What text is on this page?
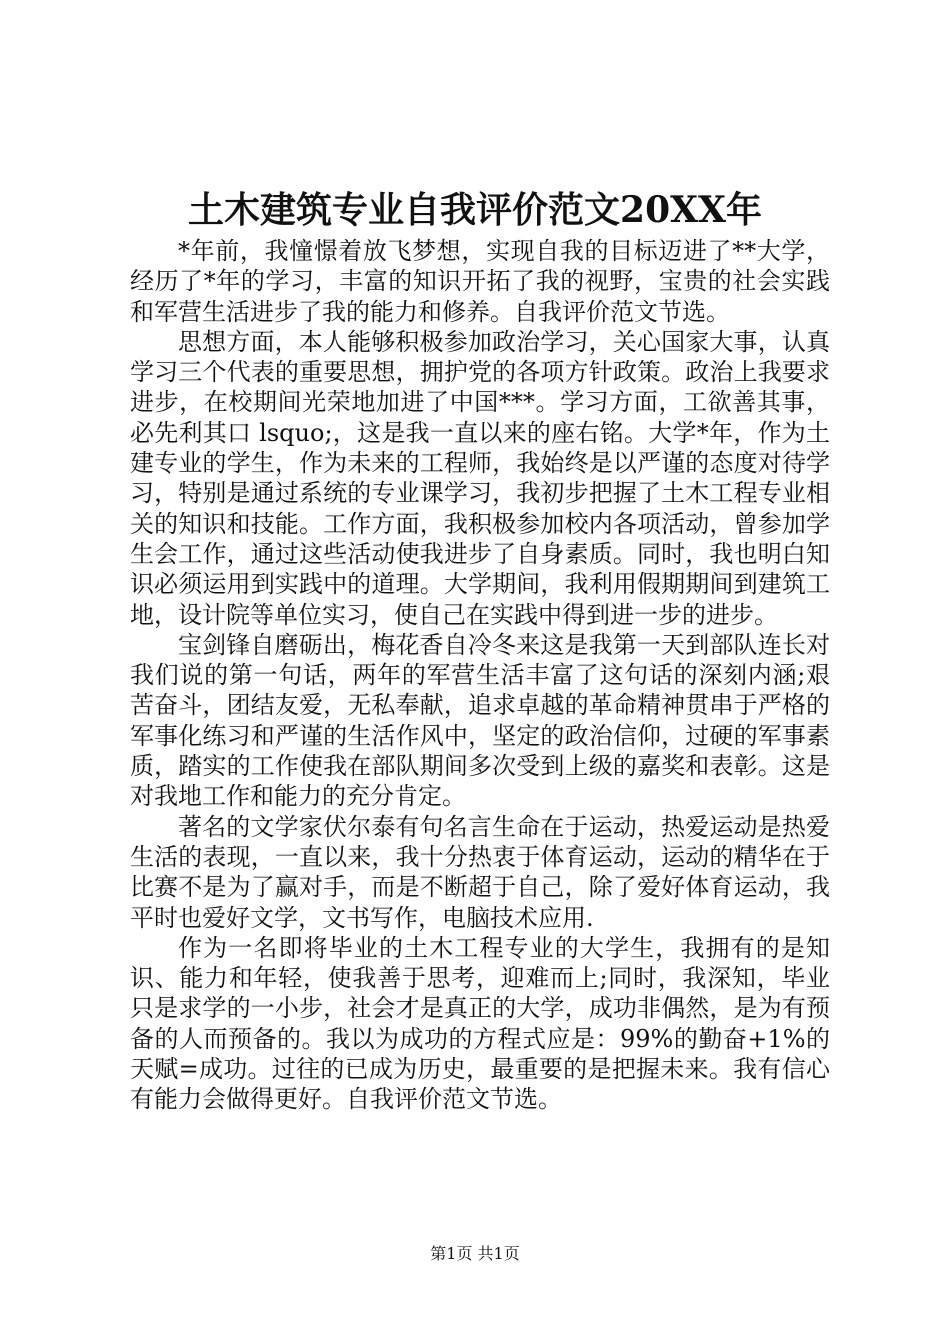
土木建筑专业自我评价范文20XX年

*年前，我憧憬着放飞梦想，实现自我的目标迈进了**大学，经历了*年的学习，丰富的知识开拓了我的视野，宝贵的社会实践和军营生活进步了我的能力和修养。自我评价范文节选。

思想方面，本人能够积极参加政治学习，关心国家大事，认真学习三个代表的重要思想，拥护党的各项方针政策。政治上我要求进步，在校期间光荣地加进了中国***。学习方面，工欲善其事，必先利其口 lsquo;，这是我一直以来的座右铭。大学*年，作为土建专业的学生，作为未来的工程师，我始终是以严谨的态度对待学习，特别是通过系统的专业课学习，我初步把握了土木工程专业相关的知识和技能。工作方面，我积极参加校内各项活动，曾参加学生会工作，通过这些活动使我进步了自身素质。同时，我也明白知识必须运用到实践中的道理。大学期间，我利用假期期间到建筑工地，设计院等单位实习，使自己在实践中得到进一步的进步。

宝剑锋自磨砺出，梅花香自冷冬来这是我第一天到部队连长对我们说的第一句话，两年的军营生活丰富了这句话的深刻内涵;艰苦奋斗，团结友爱，无私奉献，追求卓越的革命精神贯串于严格的军事化练习和严谨的生活作风中，坚定的政治信仰，过硬的军事素质，踏实的工作使我在部队期间多次受到上级的嘉奖和表彰。这是对我地工作和能力的充分肯定。

著名的文学家伏尔泰有句名言生命在于运动，热爱运动是热爱生活的表现，一直以来，我十分热衷于体育运动，运动的精华在于比赛不是为了赢对手，而是不断超于自己，除了爱好体育运动，我平时也爱好文学，文书写作，电脑技术应用.

作为一名即将毕业的土木工程专业的大学生，我拥有的是知识、能力和年轻，使我善于思考，迎难而上;同时，我深知，毕业只是求学的一小步，社会才是真正的大学，成功非偶然，是为有预备的人而预备的。我以为成功的方程式应是：99%的勤奋+1%的天赋=成功。过往的已成为历史，最重要的是把握未来。我有信心有能力会做得更好。自我评价范文节选。

第1页 共1页
